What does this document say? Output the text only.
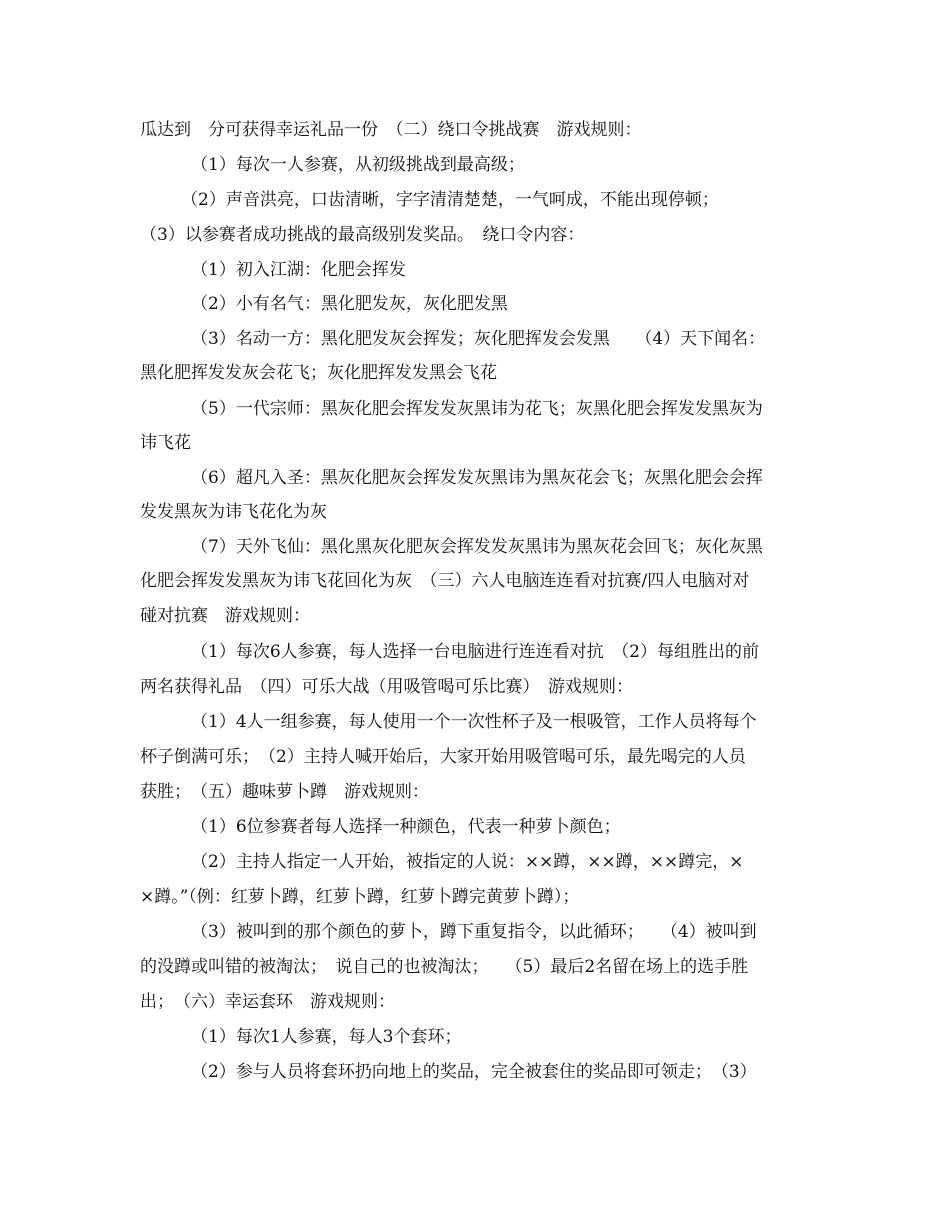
瓜达到　分可获得幸运礼品一份　（二）绕口令挑战赛　游戏规则：
（1）每次一人参赛，从初级挑战到最高级；
（2）声音洪亮，口齿清晰，字字清清楚楚，一气呵成，不能出现停顿；
（3）以参赛者成功挑战的最高级别发奖品。　绕口令内容：
（1）初入江湖：化肥会挥发
（2）小有名气：黑化肥发灰，灰化肥发黑
（3）名动一方：黑化肥发灰会挥发；灰化肥挥发会发黑　　（4）天下闻名：
黑化肥挥发发灰会花飞；灰化肥挥发发黑会飞花
（5）一代宗师：黑灰化肥会挥发发灰黑讳为花飞；灰黑化肥会挥发发黑灰为
讳飞花
（6）超凡入圣：黑灰化肥灰会挥发发灰黑讳为黑灰花会飞；灰黑化肥会会挥
发发黑灰为讳飞花化为灰
（7）天外飞仙：黑化黑灰化肥灰会挥发发灰黑讳为黑灰花会回飞；灰化灰黑
化肥会挥发发黑灰为讳飞花回化为灰　（三）六人电脑连连看对抗赛/四人电脑对对
碰对抗赛　游戏规则：
（1）每次6人参赛，每人选择一台电脑进行连连看对抗　（2）每组胜出的前
两名获得礼品　（四）可乐大战（用吸管喝可乐比赛）　游戏规则：
（1）4人一组参赛，每人使用一个一次性杯子及一根吸管，工作人员将每个
杯子倒满可乐；　（2）主持人喊开始后，大家开始用吸管喝可乐，最先喝完的人员
获胜；　（五）趣味萝卜蹲　游戏规则：
（1）6位参赛者每人选择一种颜色，代表一种萝卜颜色；
（2）主持人指定一人开始，被指定的人说：××蹲，××蹲，××蹲完，×
×蹲。”（例：红萝卜蹲，红萝卜蹲，红萝卜蹲完黄萝卜蹲）；
（3）被叫到的那个颜色的萝卜，蹲下重复指令，以此循环；　　（4）被叫到
的没蹲或叫错的被淘汰；　说自己的也被淘汰；　　（5）最后2名留在场上的选手胜
出；　（六）幸运套环　游戏规则：
（1）每次1人参赛，每人3个套环；
（2）参与人员将套环扔向地上的奖品，完全被套住的奖品即可领走；　（3）
